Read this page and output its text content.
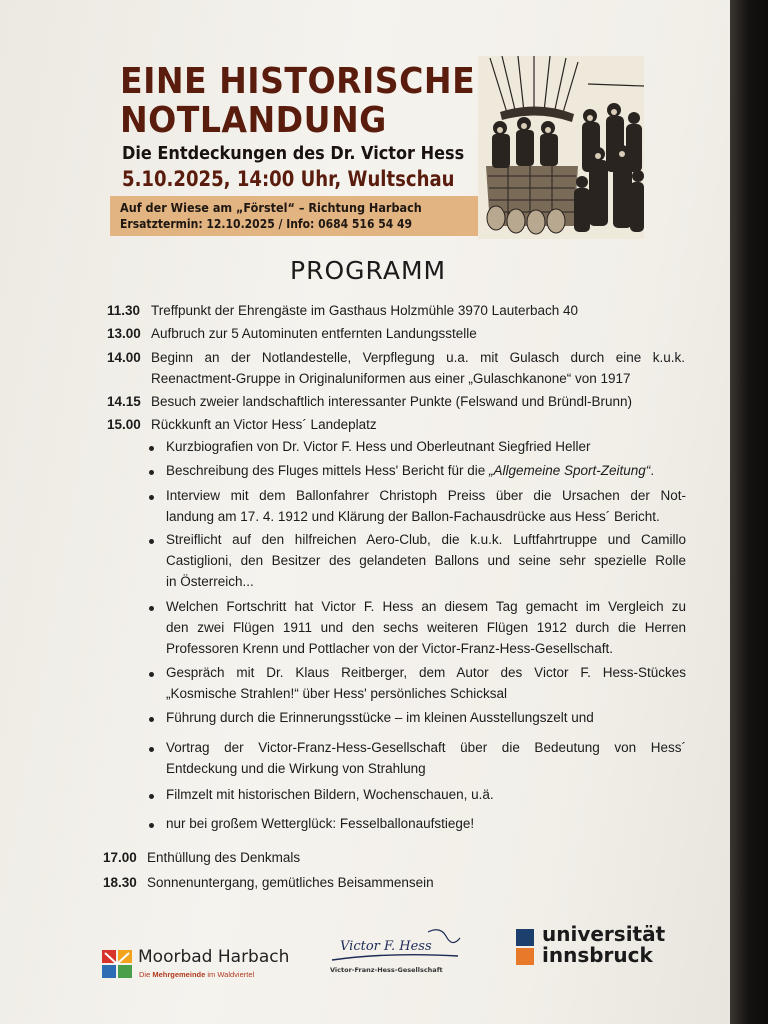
EINE HISTORISCHE
NOTLANDUNG
Die Entdeckungen des Dr. Victor Hess
5.10.2025, 14:00 Uhr, Wultschau
Auf der Wiese am „Förstel“ – Richtung Harbach
Ersatztermin: 12.10.2025 / Info: 0684 516 54 49
PROGRAMM
11.30 Treffpunkt der Ehrengäste im Gasthaus Holzmühle 3970 Lauterbach 40
13.00 Aufbruch zur 5 Autominuten entfernten Landungsstelle
14.00 Beginn an der Notlandestelle, Verpflegung u.a. mit Gulasch durch eine k.u.k.
Reenactment-Gruppe in Originaluniformen aus einer „Gulaschkanone“ von 1917
14.15 Besuch zweier landschaftlich interessanter Punkte (Felswand und Bründl-Brunn)
15.00 Rückkunft an Victor Hess´ Landeplatz
Kurzbiografien von Dr. Victor F. Hess und Oberleutnant Siegfried Heller
Beschreibung des Fluges mittels Hess' Bericht für die „Allgemeine Sport-Zeitung“.
Interview mit dem Ballonfahrer Christoph Preiss über die Ursachen der Not-
landung am 17. 4. 1912 und Klärung der Ballon-Fachausdrücke aus Hess´ Bericht.
Streiflicht auf den hilfreichen Aero-Club, die k.u.k. Luftfahrtruppe und Camillo
Castiglioni, den Besitzer des gelandeten Ballons und seine sehr spezielle Rolle
in Österreich...
Welchen Fortschritt hat Victor F. Hess an diesem Tag gemacht im Vergleich zu
den zwei Flügen 1911 und den sechs weiteren Flügen 1912 durch die Herren
Professoren Krenn und Pottlacher von der Victor-Franz-Hess-Gesellschaft.
Gespräch mit Dr. Klaus Reitberger, dem Autor des Victor F. Hess-Stückes
„Kosmische Strahlen!“ über Hess' persönliches Schicksal
Führung durch die Erinnerungsstücke – im kleinen Ausstellungszelt und
Vortrag der Victor-Franz-Hess-Gesellschaft über die Bedeutung von Hess´
Entdeckung und die Wirkung von Strahlung
Filmzelt mit historischen Bildern, Wochenschauen, u.ä.
nur bei großem Wetterglück: Fesselballonaufstiege!
17.00 Enthüllung des Denkmals
18.30 Sonnenuntergang, gemütliches Beisammensein
Moorbad Harbach
Die Mehrgemeinde im Waldviertel
Victor F. Hess
Victor-Franz-Hess-Gesellschaft
universität
innsbruck
